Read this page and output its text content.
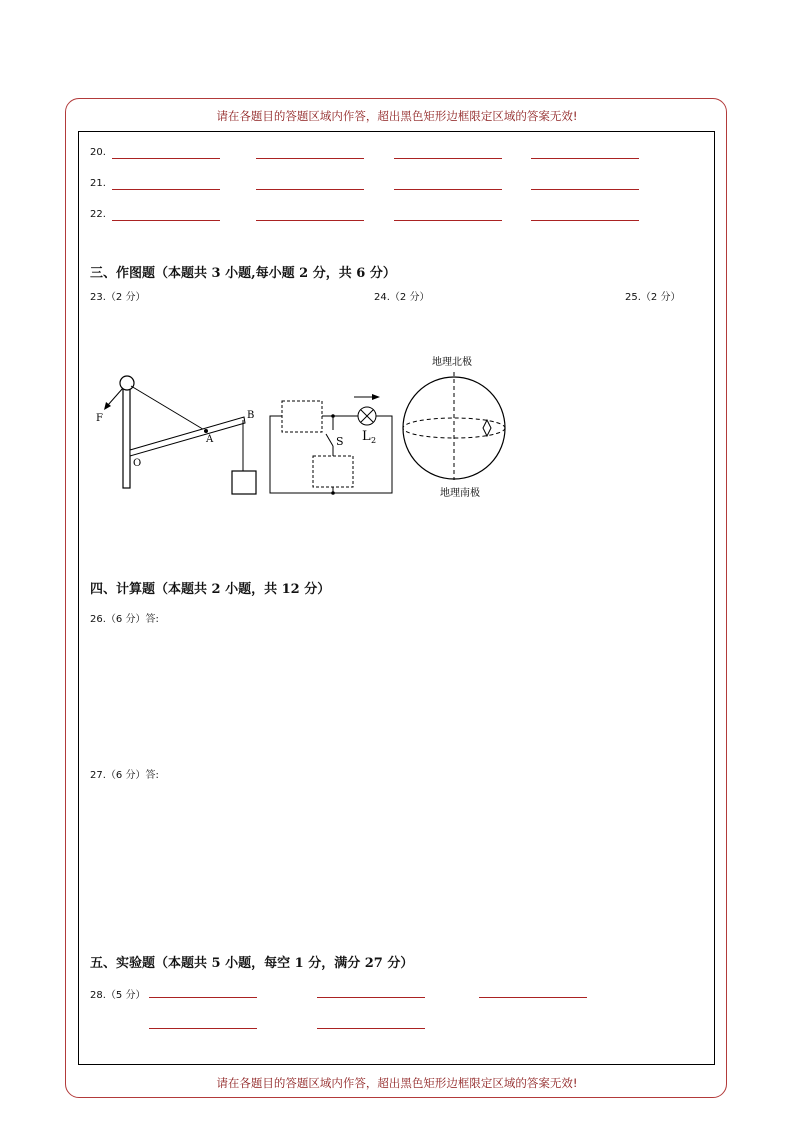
请在各题目的答题区域内作答，超出黑色矩形边框限定区域的答案无效!
20.
21.
22.
三、作图题（本题共 3 小题,每小题 2 分，共 6 分）
23.（2 分）	24.（2 分）	25.（2 分）
F
O
A
B
S L 2
地理北极
地理南极
四、计算题（本题共 2 小题，共 12 分）
26.（6 分）答:
27.（6 分）答:
五、实验题（本题共 5 小题，每空 1 分，满分 27 分）
28.（5 分）
请在各题目的答题区域内作答，超出黑色矩形边框限定区域的答案无效!
